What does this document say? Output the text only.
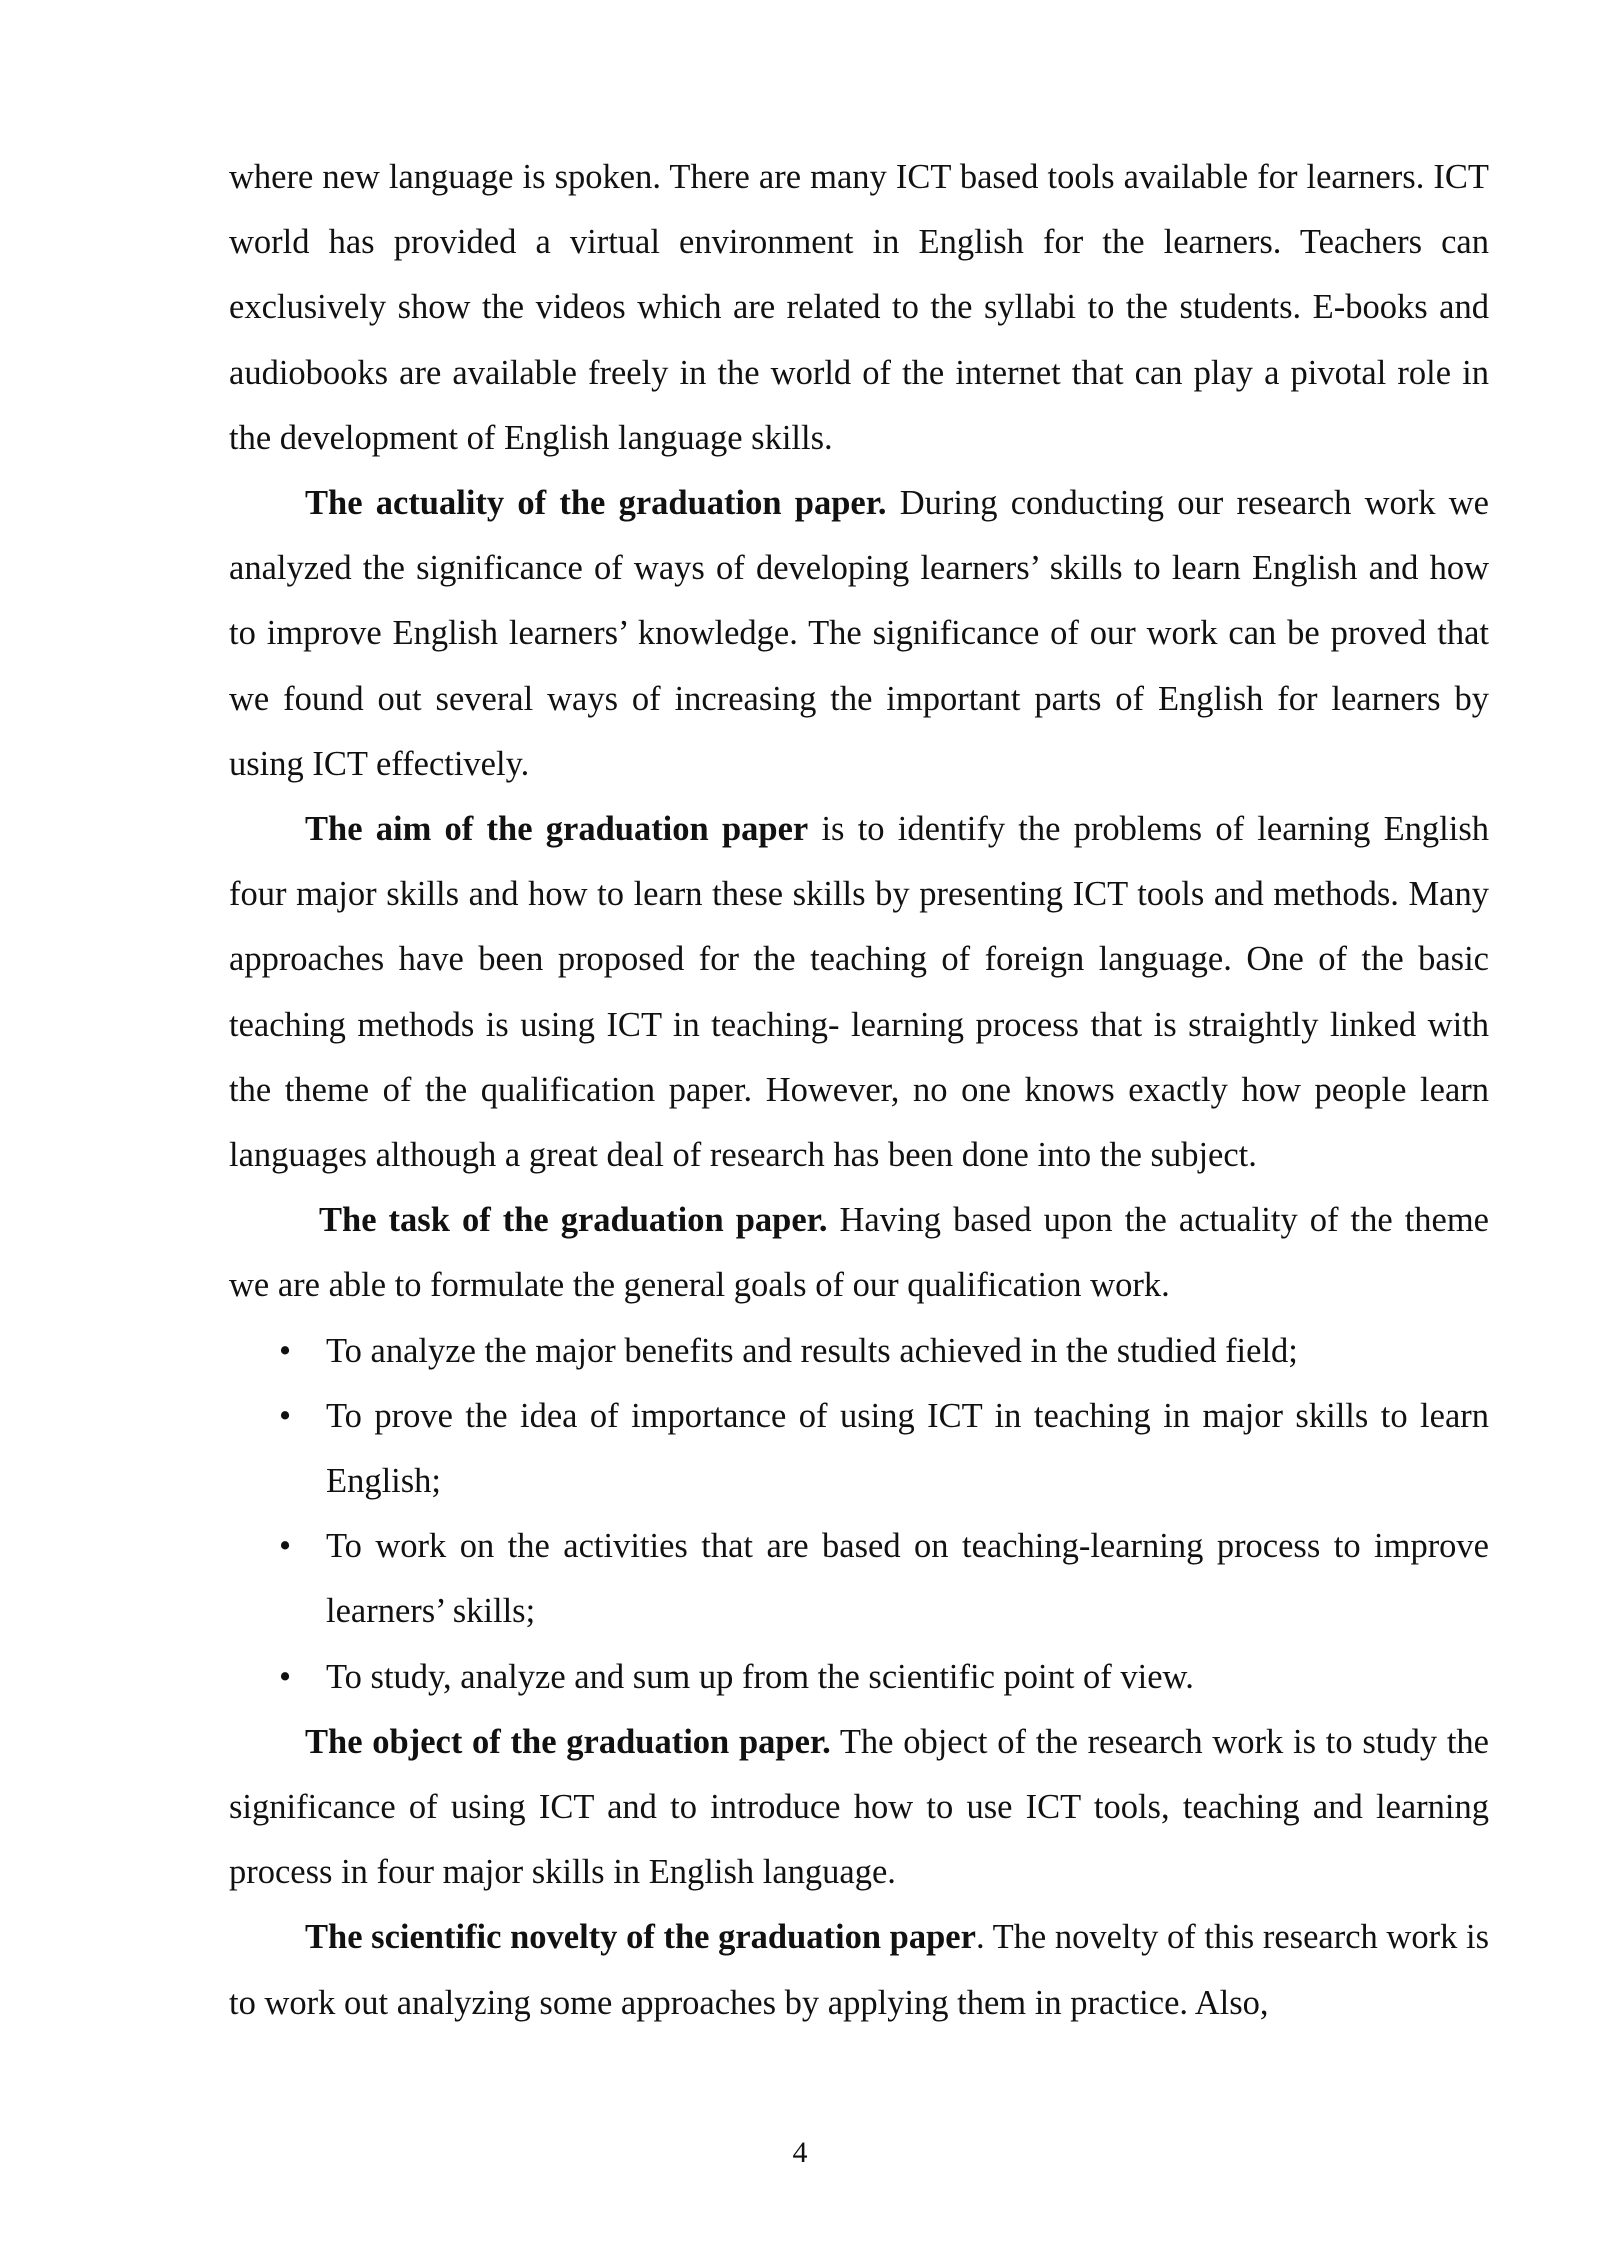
where new language is spoken. There are many ICT based tools available for learners. ICT world has provided a virtual environment in English for the learners. Teachers can exclusively show the videos which are related to the syllabi to the students. E-books and audiobooks are available freely in the world of the internet that can play a pivotal role in the development of English language skills.

The actuality of the graduation paper. During conducting our research work we analyzed the significance of ways of developing learners’ skills to learn English and how to improve English learners’ knowledge. The significance of our work can be proved that we found out several ways of increasing the important parts of English for learners by using ICT effectively.

The aim of the graduation paper is to identify the problems of learning English four major skills and how to learn these skills by presenting ICT tools and methods. Many approaches have been proposed for the teaching of foreign language. One of the basic teaching methods is using ICT in teaching- learning process that is straightly linked with the theme of the qualification paper. However, no one knows exactly how people learn languages although a great deal of research has been done into the subject.

The task of the graduation paper. Having based upon the actuality of the theme we are able to formulate the general goals of our qualification work.

• To analyze the major benefits and results achieved in the studied field;
• To prove the idea of importance of using ICT in teaching in major skills to learn English;
• To work on the activities that are based on teaching-learning process to improve learners’ skills;
• To study, analyze and sum up from the scientific point of view.

The object of the graduation paper. The object of the research work is to study the significance of using ICT and to introduce how to use ICT tools, teaching and learning process in four major skills in English language.

The scientific novelty of the graduation paper. The novelty of this research work is to work out analyzing some approaches by applying them in practice. Also,

4
